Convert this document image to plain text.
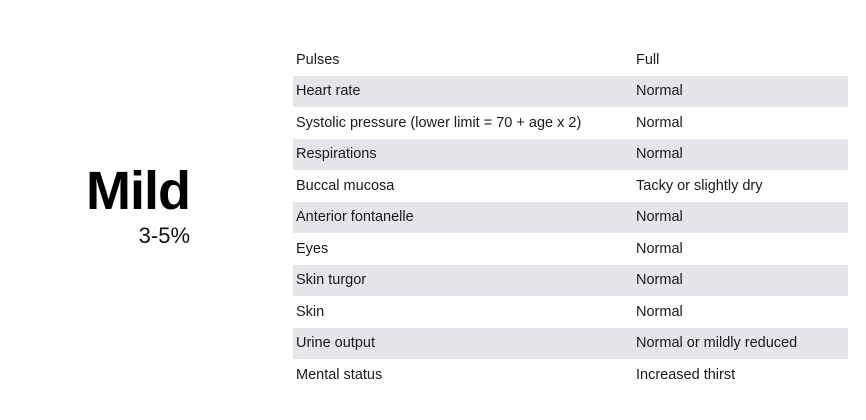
Mild
3-5%
Pulses	Full
Heart rate	Normal
Systolic pressure (lower limit = 70 + age x 2)	Normal
Respirations	Normal
Buccal mucosa	Tacky or slightly dry
Anterior fontanelle	Normal
Eyes	Normal
Skin turgor	Normal
Skin	Normal
Urine output	Normal or mildly reduced
Mental status	Increased thirst
